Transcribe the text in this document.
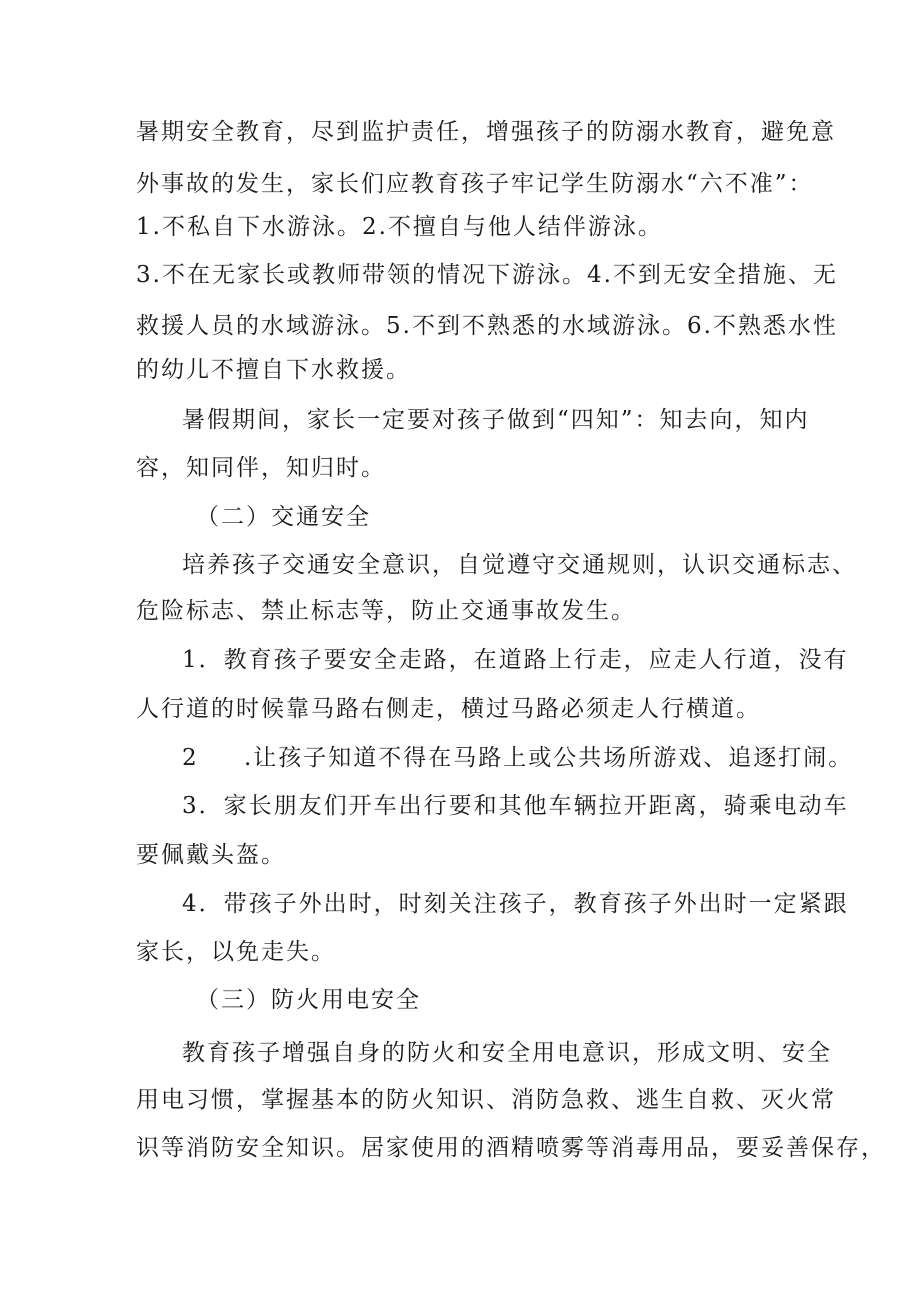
暑期安全教育，尽到监护责任，增强孩子的防溺水教育，避免意
外事故的发生，家长们应教育孩子牢记学生防溺水“六不准”：
1.不私自下水游泳。2.不擅自与他人结伴游泳。
3.不在无家长或教师带领的情况下游泳。4.不到无安全措施、无
救援人员的水域游泳。5.不到不熟悉的水域游泳。6.不熟悉水性
的幼儿不擅自下水救援。
暑假期间，家长一定要对孩子做到“四知”：知去向，知内
容，知同伴，知归时。
（二）交通安全
培养孩子交通安全意识，自觉遵守交通规则，认识交通标志、
危险标志、禁止标志等，防止交通事故发生。
1．教育孩子要安全走路，在道路上行走，应走人行道，没有
人行道的时候靠马路右侧走，横过马路必须走人行横道。
2 .让孩子知道不得在马路上或公共场所游戏、追逐打闹。
3．家长朋友们开车出行要和其他车辆拉开距离，骑乘电动车
要佩戴头盔。
4．带孩子外出时，时刻关注孩子，教育孩子外出时一定紧跟
家长，以免走失。
（三）防火用电安全
教育孩子增强自身的防火和安全用电意识，形成文明、安全
用电习惯，掌握基本的防火知识、消防急救、逃生自救、灭火常
识等消防安全知识。居家使用的酒精喷雾等消毒用品，要妥善保存，
